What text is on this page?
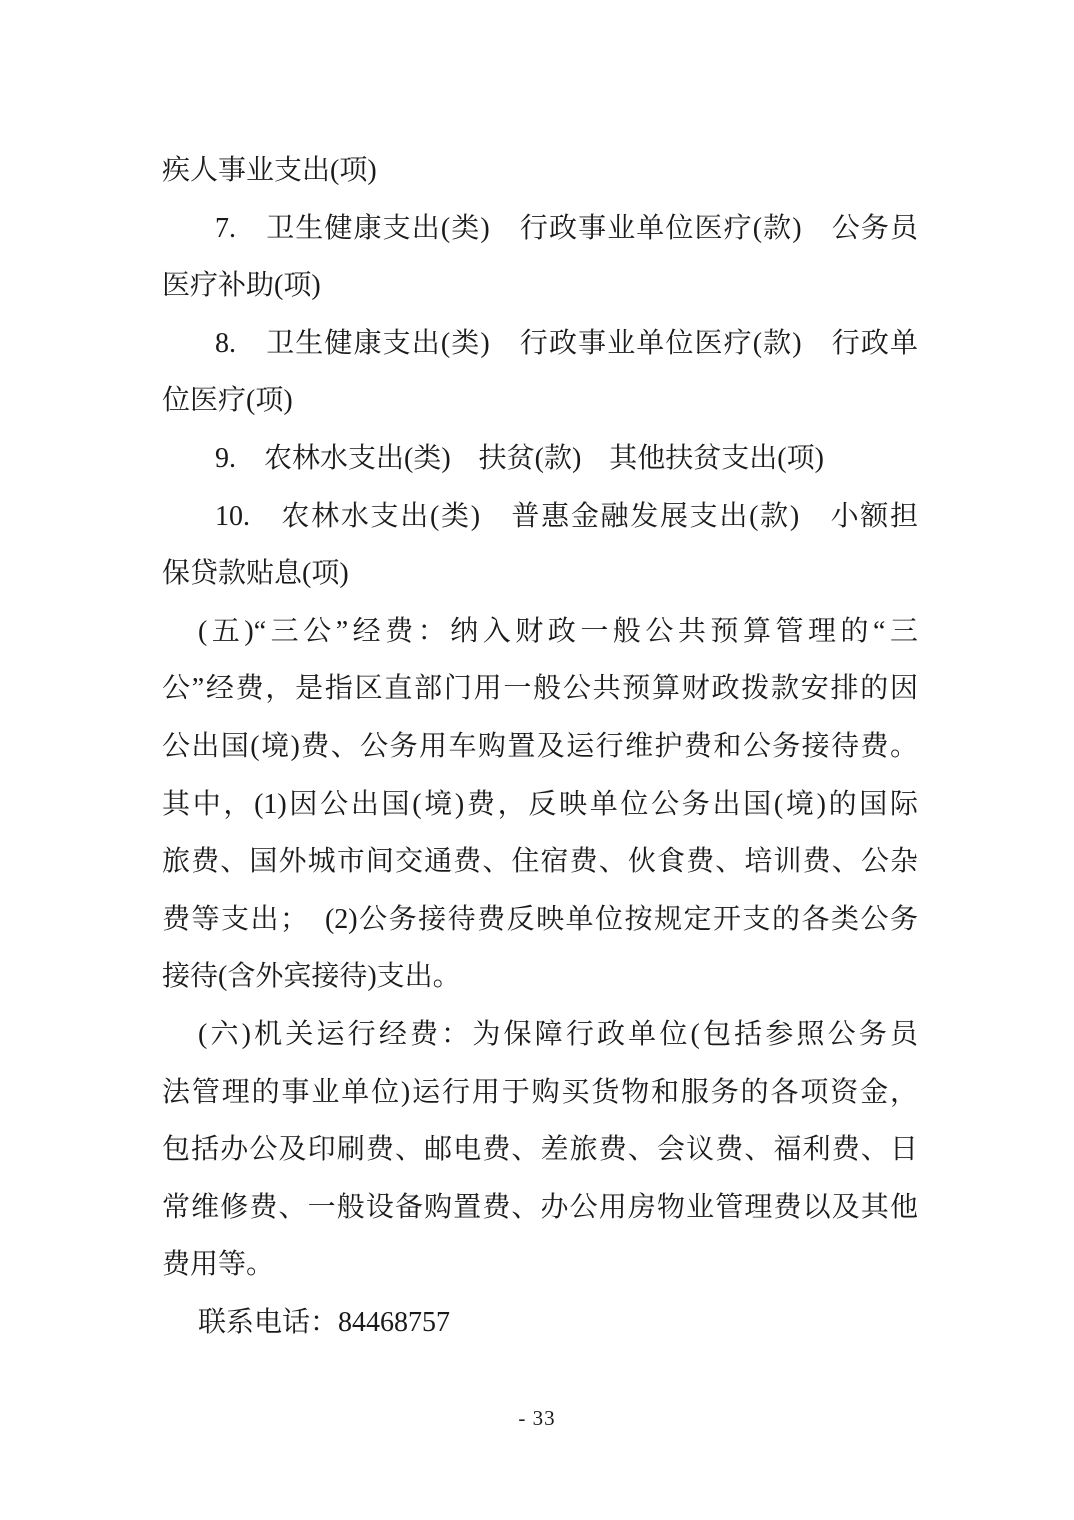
疾人事业支出(项)
7.　卫生健康支出(类)　行政事业单位医疗(款)　公务员
医疗补助(项)
8.　卫生健康支出(类)　行政事业单位医疗(款)　行政单
位医疗(项)
9.　农林水支出(类)　扶贫(款)　其他扶贫支出(项)
10.　农林水支出(类)　普惠金融发展支出(款)　小额担
保贷款贴息(项)
(五)“三公”经费：纳入财政一般公共预算管理的“三
公”经费，是指区直部门用一般公共预算财政拨款安排的因
公出国(境)费、公务用车购置及运行维护费和公务接待费。
其中，(1)因公出国(境)费，反映单位公务出国(境)的国际
旅费、国外城市间交通费、住宿费、伙食费、培训费、公杂
费等支出；　(2)公务接待费反映单位按规定开支的各类公务
接待(含外宾接待)支出。
(六)机关运行经费：为保障行政单位(包括参照公务员
法管理的事业单位)运行用于购买货物和服务的各项资金，
包括办公及印刷费、邮电费、差旅费、会议费、福利费、日
常维修费、一般设备购置费、办公用房物业管理费以及其他
费用等。
联系电话：84468757
- 33
